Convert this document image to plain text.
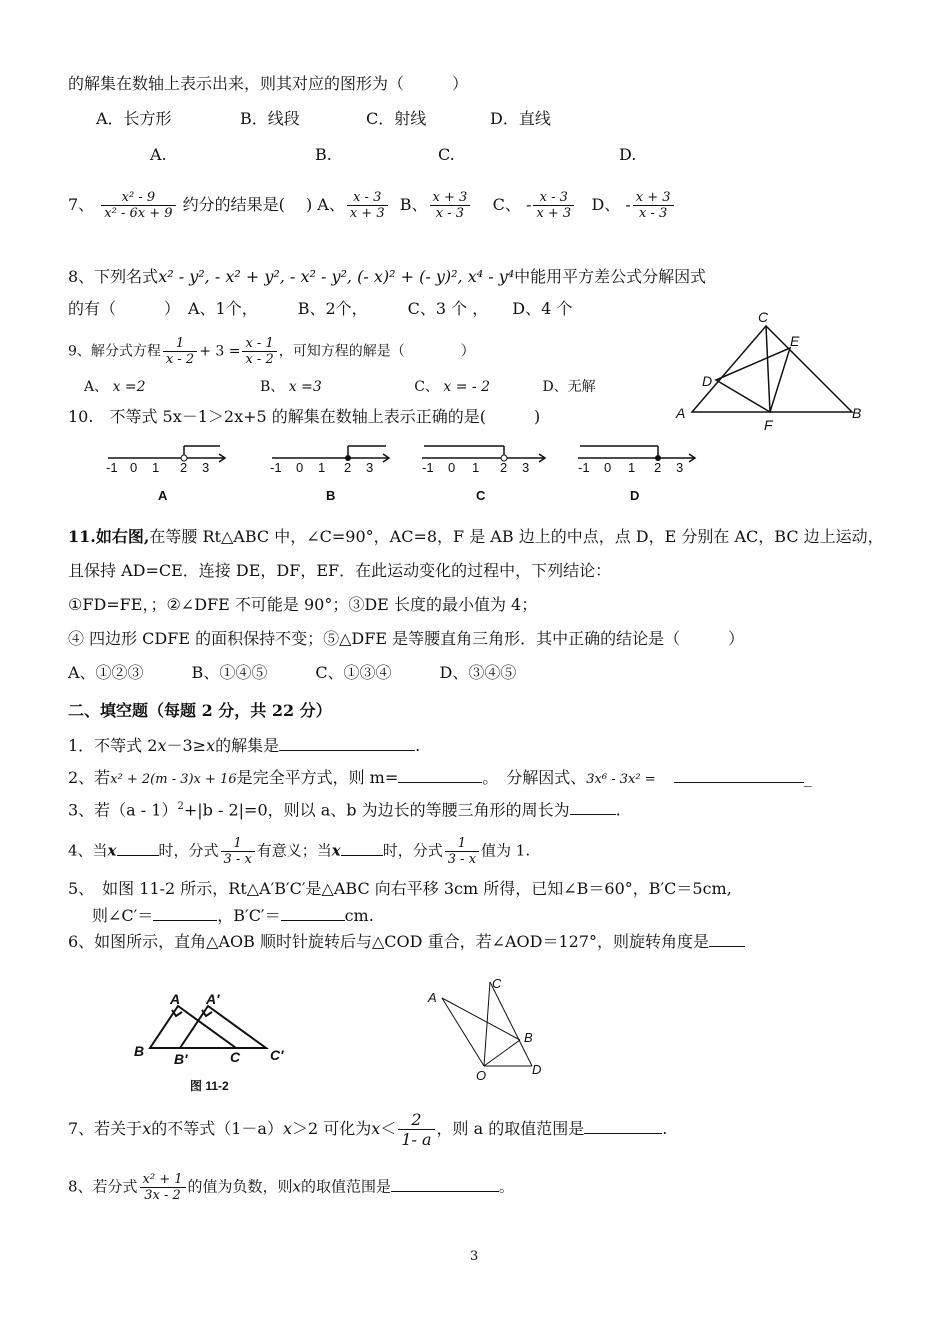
的解集在数轴上表示出来，则其对应的图形为（　　　）
A．长方形	B．线段	C．射线	D．直线
A.	B.	C.	D.
7、 $\frac{\text{x² - 9}}{\text{x² - 6x + 9}}$ 约分的结果是(　 ) A、 $\frac{x - 3}{x + 3}$ B、 $\frac{x + 3}{x - 3}$ C、 - $\frac{x - 3}{x + 3}$ D、 - $\frac{x + 3}{x - 3}$
8、下列名式x² - y², - x² + y², - x² - y², (- x)² + (- y)², x⁴ - y⁴中能用平方差公式分解因式
的有（　　　）　A、1个，　　　B、2个，　　　C、3 个 ，　　D、4 个
9、解分式方程 $\frac{1}{x - 2} + 3 = \frac{x - 1}{x - 2}$ ，可知方程的解是（　　　　）
A、 x =2	B、 x =3	C、 x = - 2	D、无解
C
E
D
A
F
B
10.　不等式 5x－1＞2x+5 的解集在数轴上表示正确的是(　　　)
-1 0 1 2 3	-1 0 1 2 3	-1 0 1 2 3	-1 0 1 2 3
A	B	C	D
11.如右图,在等腰 Rt△ABC 中，∠C=90°，AC=8，F 是 AB 边上的中点，点 D，E 分别在 AC，BC 边上运动，
且保持 AD=CE．连接 DE，DF，EF．在此运动变化的过程中，下列结论：
①FD=FE，；②∠DFE 不可能是 90°；③DE 长度的最小值为 4；
④ 四边形 CDFE 的面积保持不变；⑤△DFE 是等腰直角三角形．其中正确的结论是（　　　）
A、①②③　　　B、①④⑤　　　C、①③④　　　D、③④⑤
二、填空题（每题 2 分，共 22 分）
1．不等式 2x－3≥x的解集是	.
2、若x² + 2(m - 3)x + 16是完全平方式，则 m=	。　分解因式、3x⁶ - 3x² =	_
3、若（a - 1）$^2$+|b - 2|=0，则以 a、b 为边长的等腰三角形的周长为	.
4、当x	时，分式 $\frac{1}{3 - x}$ 有意义；当x	时，分式 $\frac{1}{3 - x}$ 值为 1.
5、　如图 11-2 所示，Rt△A′B′C′是△ABC 向右平移 3cm 所得，已知∠B＝60°，B′C＝5cm,
则∠C′＝	，B′C′＝	cm.
6、如图所示，直角△AOB 顺时针旋转后与△COD 重合，若∠AOD＝127°，则旋转角度是
A A′
B B′	C C′
图 11-2
A
C
B
O	D
7、若关于x的不等式（1－a）x＞2 可化为$x< \frac{2}{1- a}$ ，则 a 的取值范围是	.
8、若分式 $\frac{\text{x² + 1}}{3x - 2}$ 的值为负数，则x的取值范围是	。
3
